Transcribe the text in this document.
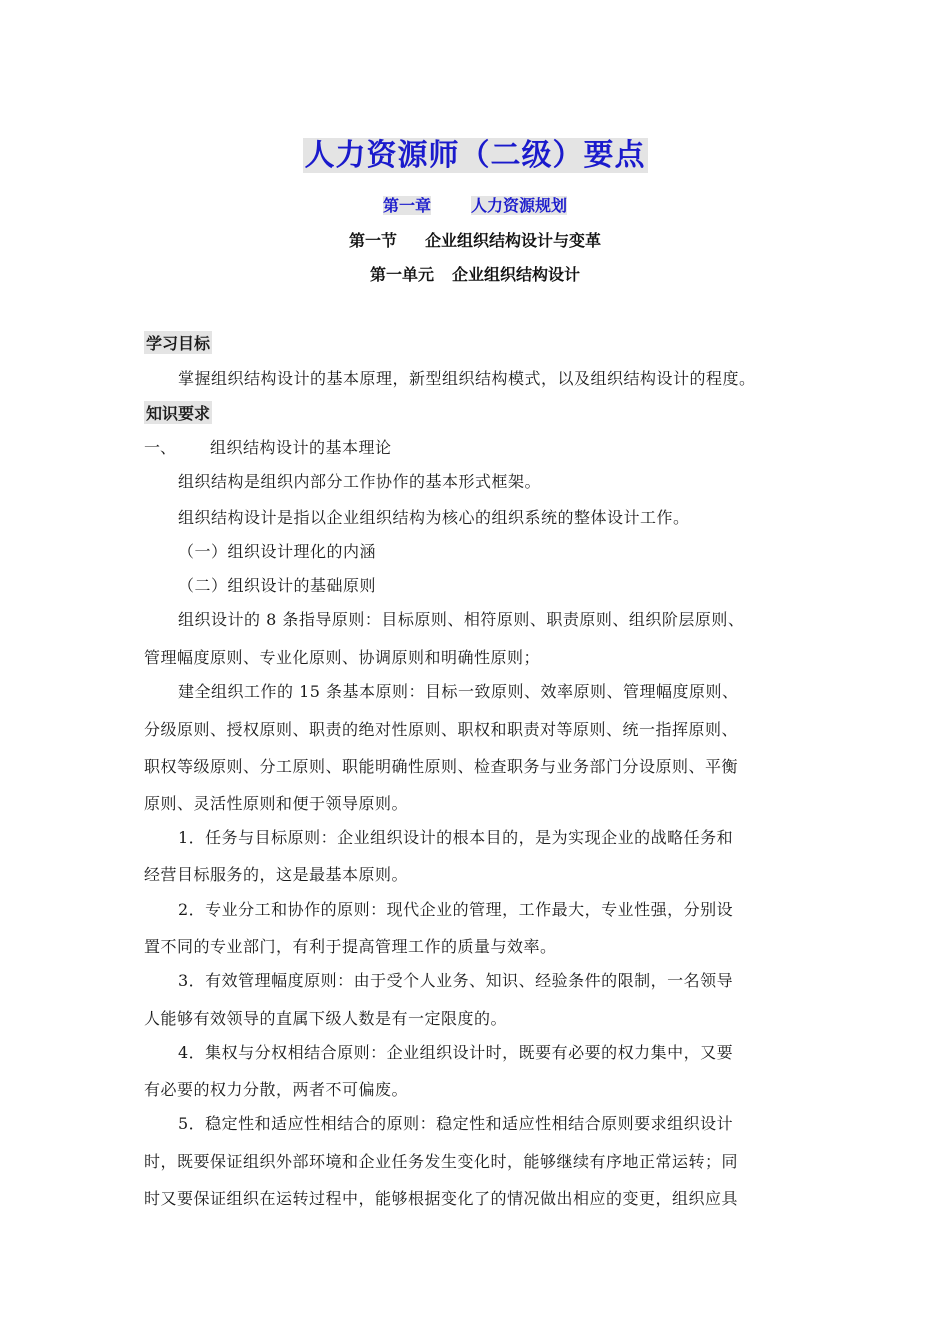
人力资源师（二级）要点
第一章	人力资源规划
第一节 企业组织结构设计与变革
第一单元 企业组织结构设计
学习目标
掌握组织结构设计的基本原理，新型组织结构模式，以及组织结构设计的程度。
知识要求
一、 组织结构设计的基本理论
组织结构是组织内部分工作协作的基本形式框架。
组织结构设计是指以企业组织结构为核心的组织系统的整体设计工作。
（一）组织设计理化的内涵
（二）组织设计的基础原则
组织设计的 8 条指导原则：目标原则、相符原则、职责原则、组织阶层原则、
管理幅度原则、专业化原则、协调原则和明确性原则；
建全组织工作的 15 条基本原则：目标一致原则、效率原则、管理幅度原则、
分级原则、授权原则、职责的绝对性原则、职权和职责对等原则、统一指挥原则、
职权等级原则、分工原则、职能明确性原则、检查职务与业务部门分设原则、平衡
原则、灵活性原则和便于领导原则。
1．任务与目标原则：企业组织设计的根本目的，是为实现企业的战略任务和
经营目标服务的，这是最基本原则。
2．专业分工和协作的原则：现代企业的管理，工作最大，专业性强，分别设
置不同的专业部门，有利于提高管理工作的质量与效率。
3．有效管理幅度原则：由于受个人业务、知识、经验条件的限制，一名领导
人能够有效领导的直属下级人数是有一定限度的。
4．集权与分权相结合原则：企业组织设计时，既要有必要的权力集中，又要
有必要的权力分散，两者不可偏废。
5．稳定性和适应性相结合的原则：稳定性和适应性相结合原则要求组织设计
时，既要保证组织外部环境和企业任务发生变化时，能够继续有序地正常运转；同
时又要保证组织在运转过程中，能够根据变化了的情况做出相应的变更，组织应具
